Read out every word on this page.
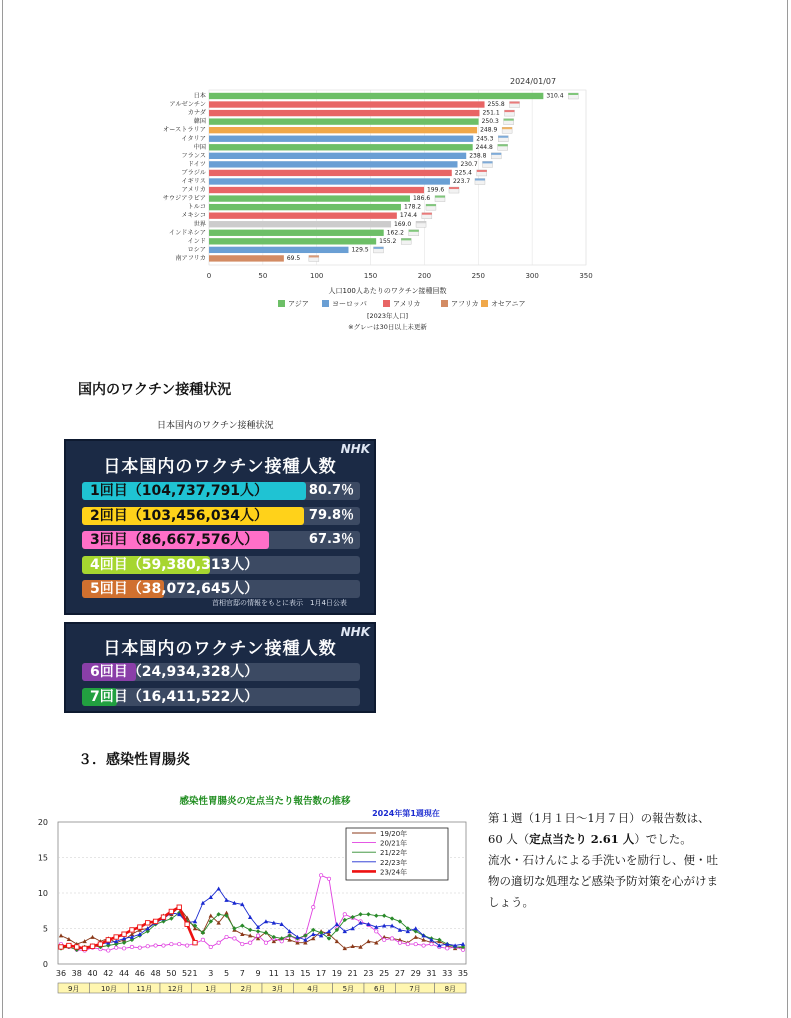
2024/01/07
0	50	100	150	200	250	300	350
日本	310.4
アルゼンチン	255.8
カナダ	251.1
韓国	250.3
オーストラリア	248.9
イタリア	245.3
中国	244.8
フランス	238.8
ドイツ	230.7
ブラジル	225.4
イギリス	223.7
アメリカ	199.6
サウジアラビア	186.6
トルコ	178.2
メキシコ	174.4
世界	169.0
インドネシア	162.2
インド	155.2
ロシア	129.5
南アフリカ	69.5
人口100人あたりのワクチン接種回数
アジア	ヨーロッパ	アメリカ	アフリカ オセアニア
[2023年人口]
※グレーは30日以上未更新
国内のワクチン接種状況
日本国内のワクチン接種状況
NHK
日本国内のワクチン接種人数
1回目（104,737,791人）	80.7％
2回目（103,456,034人）	79.8％
3回目（86,667,576人）	67.3％
4回目（59,380,313人）
5回目（38,072,645人）
首相官邸の情報をもとに表示　1月4日公表
NHK
日本国内のワクチン接種人数
6回目（24,934,328人）
7回目（16,411,522人）
３．感染性胃腸炎
感染性胃腸炎の定点当たり報告数の推移
2024年第1週現在
0
5
10
15
20
36 38 40 42 44 46 48 50 52 1 3 5 7 9 11 13 15 17 19 21 23 25 27 29 31 33 35
9月	10月	11月 12月	1月	2月	3月	4月	5月	6月	7月	8月
19/20年
20/21年
21/22年
22/23年
23/24年
第１週（1月１日～1月７日）の報告数は、
60 人（定点当たり 2.61 人）でした。
流水・石けんによる手洗いを励行し、便・吐物の適切な処理など感染予防対策を心がけましょう。
